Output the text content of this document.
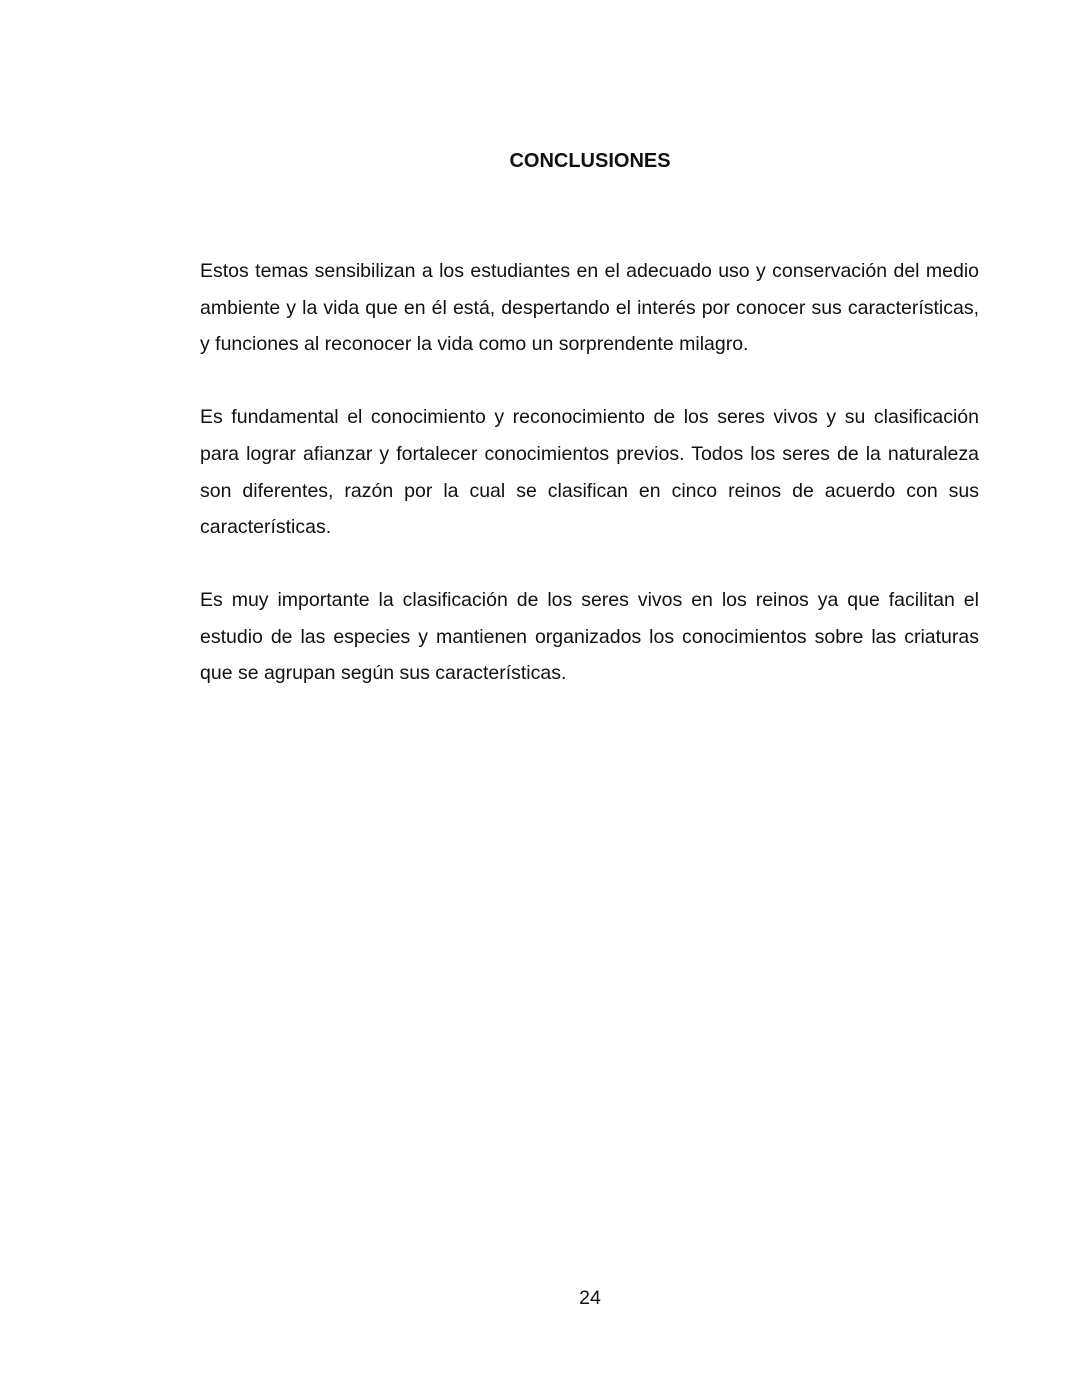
CONCLUSIONES

Estos temas sensibilizan a los estudiantes en el adecuado uso y conservación del medio ambiente y la vida que en él está, despertando el interés por conocer sus características, y funciones al reconocer la vida como un sorprendente milagro.

Es fundamental el conocimiento y reconocimiento de los seres vivos y su clasificación para lograr afianzar y fortalecer conocimientos previos. Todos los seres de la naturaleza son diferentes, razón por la cual se clasifican en cinco reinos de acuerdo con sus características.

Es muy importante la clasificación de los seres vivos en los reinos ya que facilitan el estudio de las especies y mantienen organizados los conocimientos sobre las criaturas que se agrupan según sus características.

24
